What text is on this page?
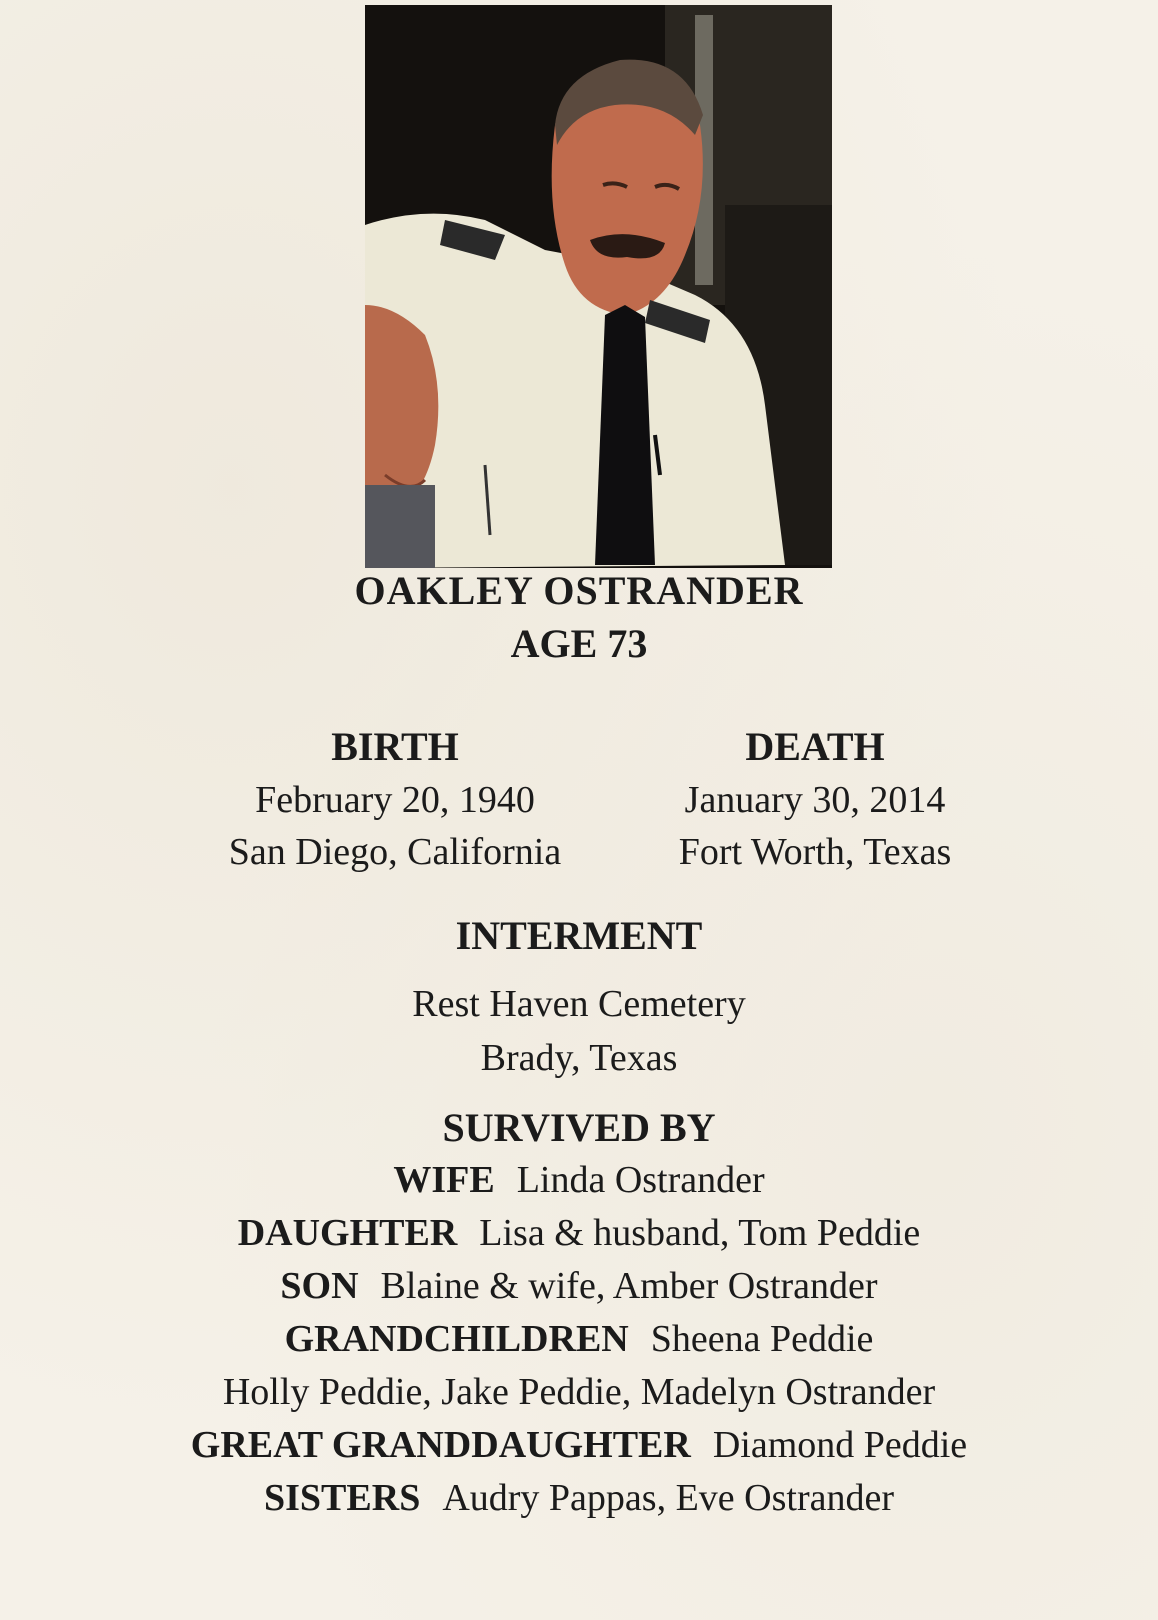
OAKLEY OSTRANDER
AGE 73
BIRTH
February 20, 1940
San Diego, California
DEATH
January 30, 2014
Fort Worth, Texas
INTERMENT
Rest Haven Cemetery
Brady, Texas
SURVIVED BY
WIFE Linda Ostrander
DAUGHTER Lisa & husband, Tom Peddie
SON Blaine & wife, Amber Ostrander
GRANDCHILDREN Sheena Peddie
Holly Peddie, Jake Peddie, Madelyn Ostrander
GREAT GRANDDAUGHTER Diamond Peddie
SISTERS Audry Pappas, Eve Ostrander
